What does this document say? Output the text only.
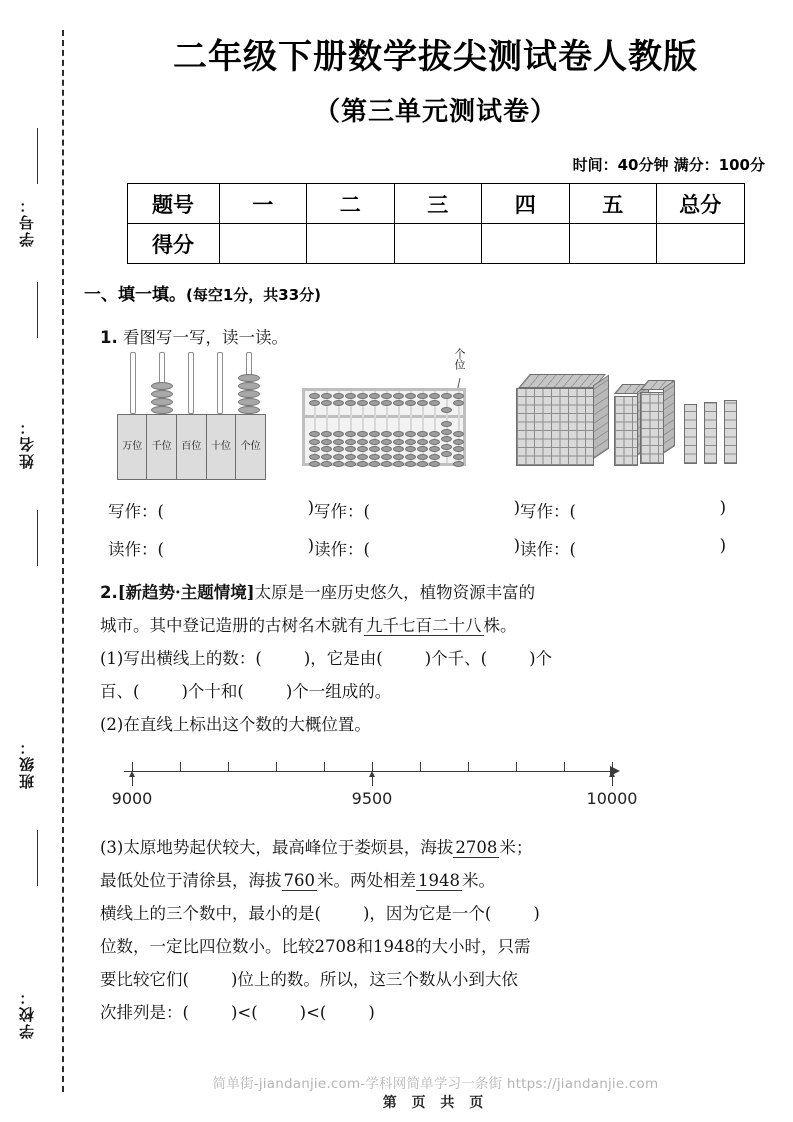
学号：
姓名：
班级：
学校：
二年级下册数学拔尖测试卷人教版
（第三单元测试卷）
时间：40分钟 满分：100分
题号	一	二	三	四	五	总分
得分						
一、填一填。(每空1分，共33分)

1. 看图写一写，读一读。

万位 千位 百位 十位 个位
个位
写作：(	) 写作：(	) 写作：(	)
读作：(	) 读作：(	) 读作：(	)

2.[新趋势·主题情境]太原是一座历史悠久，植物资源丰富的

城市。其中登记造册的古树名木就有 九千七百二十八 株。

(1)写出横线上的数：(	)，它是由(	)个千、(	)个

百、(	)个十和(	)个一组成的。

(2)在直线上标出这个数的大概位置。

9000	9500	10000

(3)太原地势起伏较大，最高峰位于娄烦县，海拔 2708 米；

最低处位于清徐县，海拔 760 米。两处相差 1948 米。

横线上的三个数中，最小的是(	)，因为它是一个(	)

位数，一定比四位数小。比较2708和1948的大小时，只需

要比较它们(	)位上的数。所以，这三个数从小到大依

次排列是：(	)<(	)<(	)

简单街-jiandanjie.com-学科网简单学习一条街 https://jiandanjie.com
第 页 共 页
